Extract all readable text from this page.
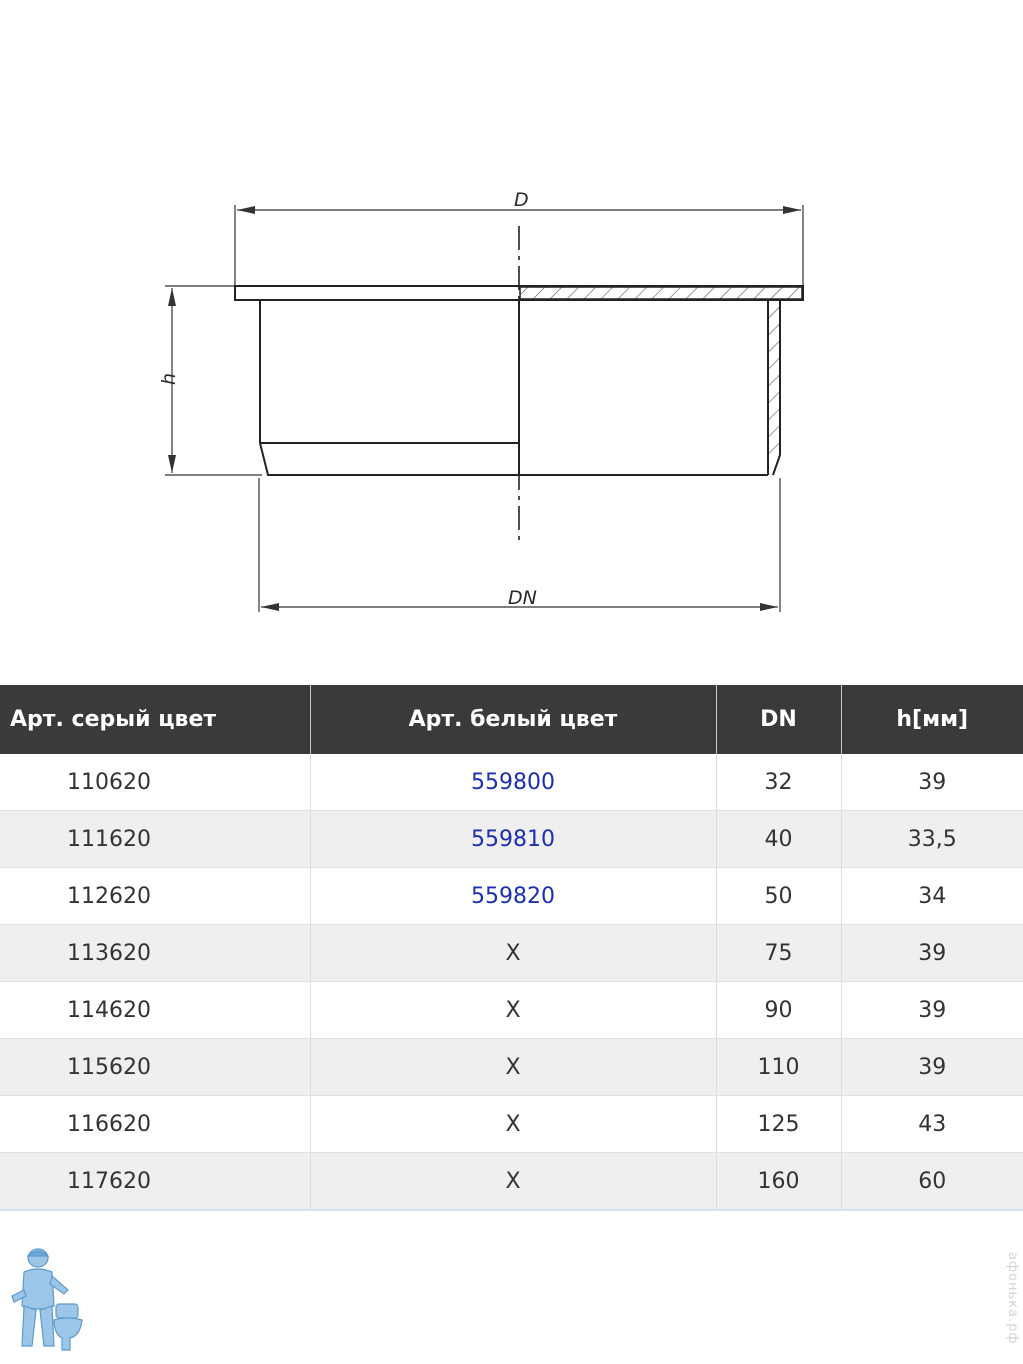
D
h
DN
Арт. серый цвет	Арт. белый цвет	DN	h[мм]
110620	559800	32	39
111620	559810	40	33,5
112620	559820	50	34
113620	X	75	39
114620	X	90	39
115620	X	110	39
116620	X	125	43
117620	X	160	60
афонька.рф
